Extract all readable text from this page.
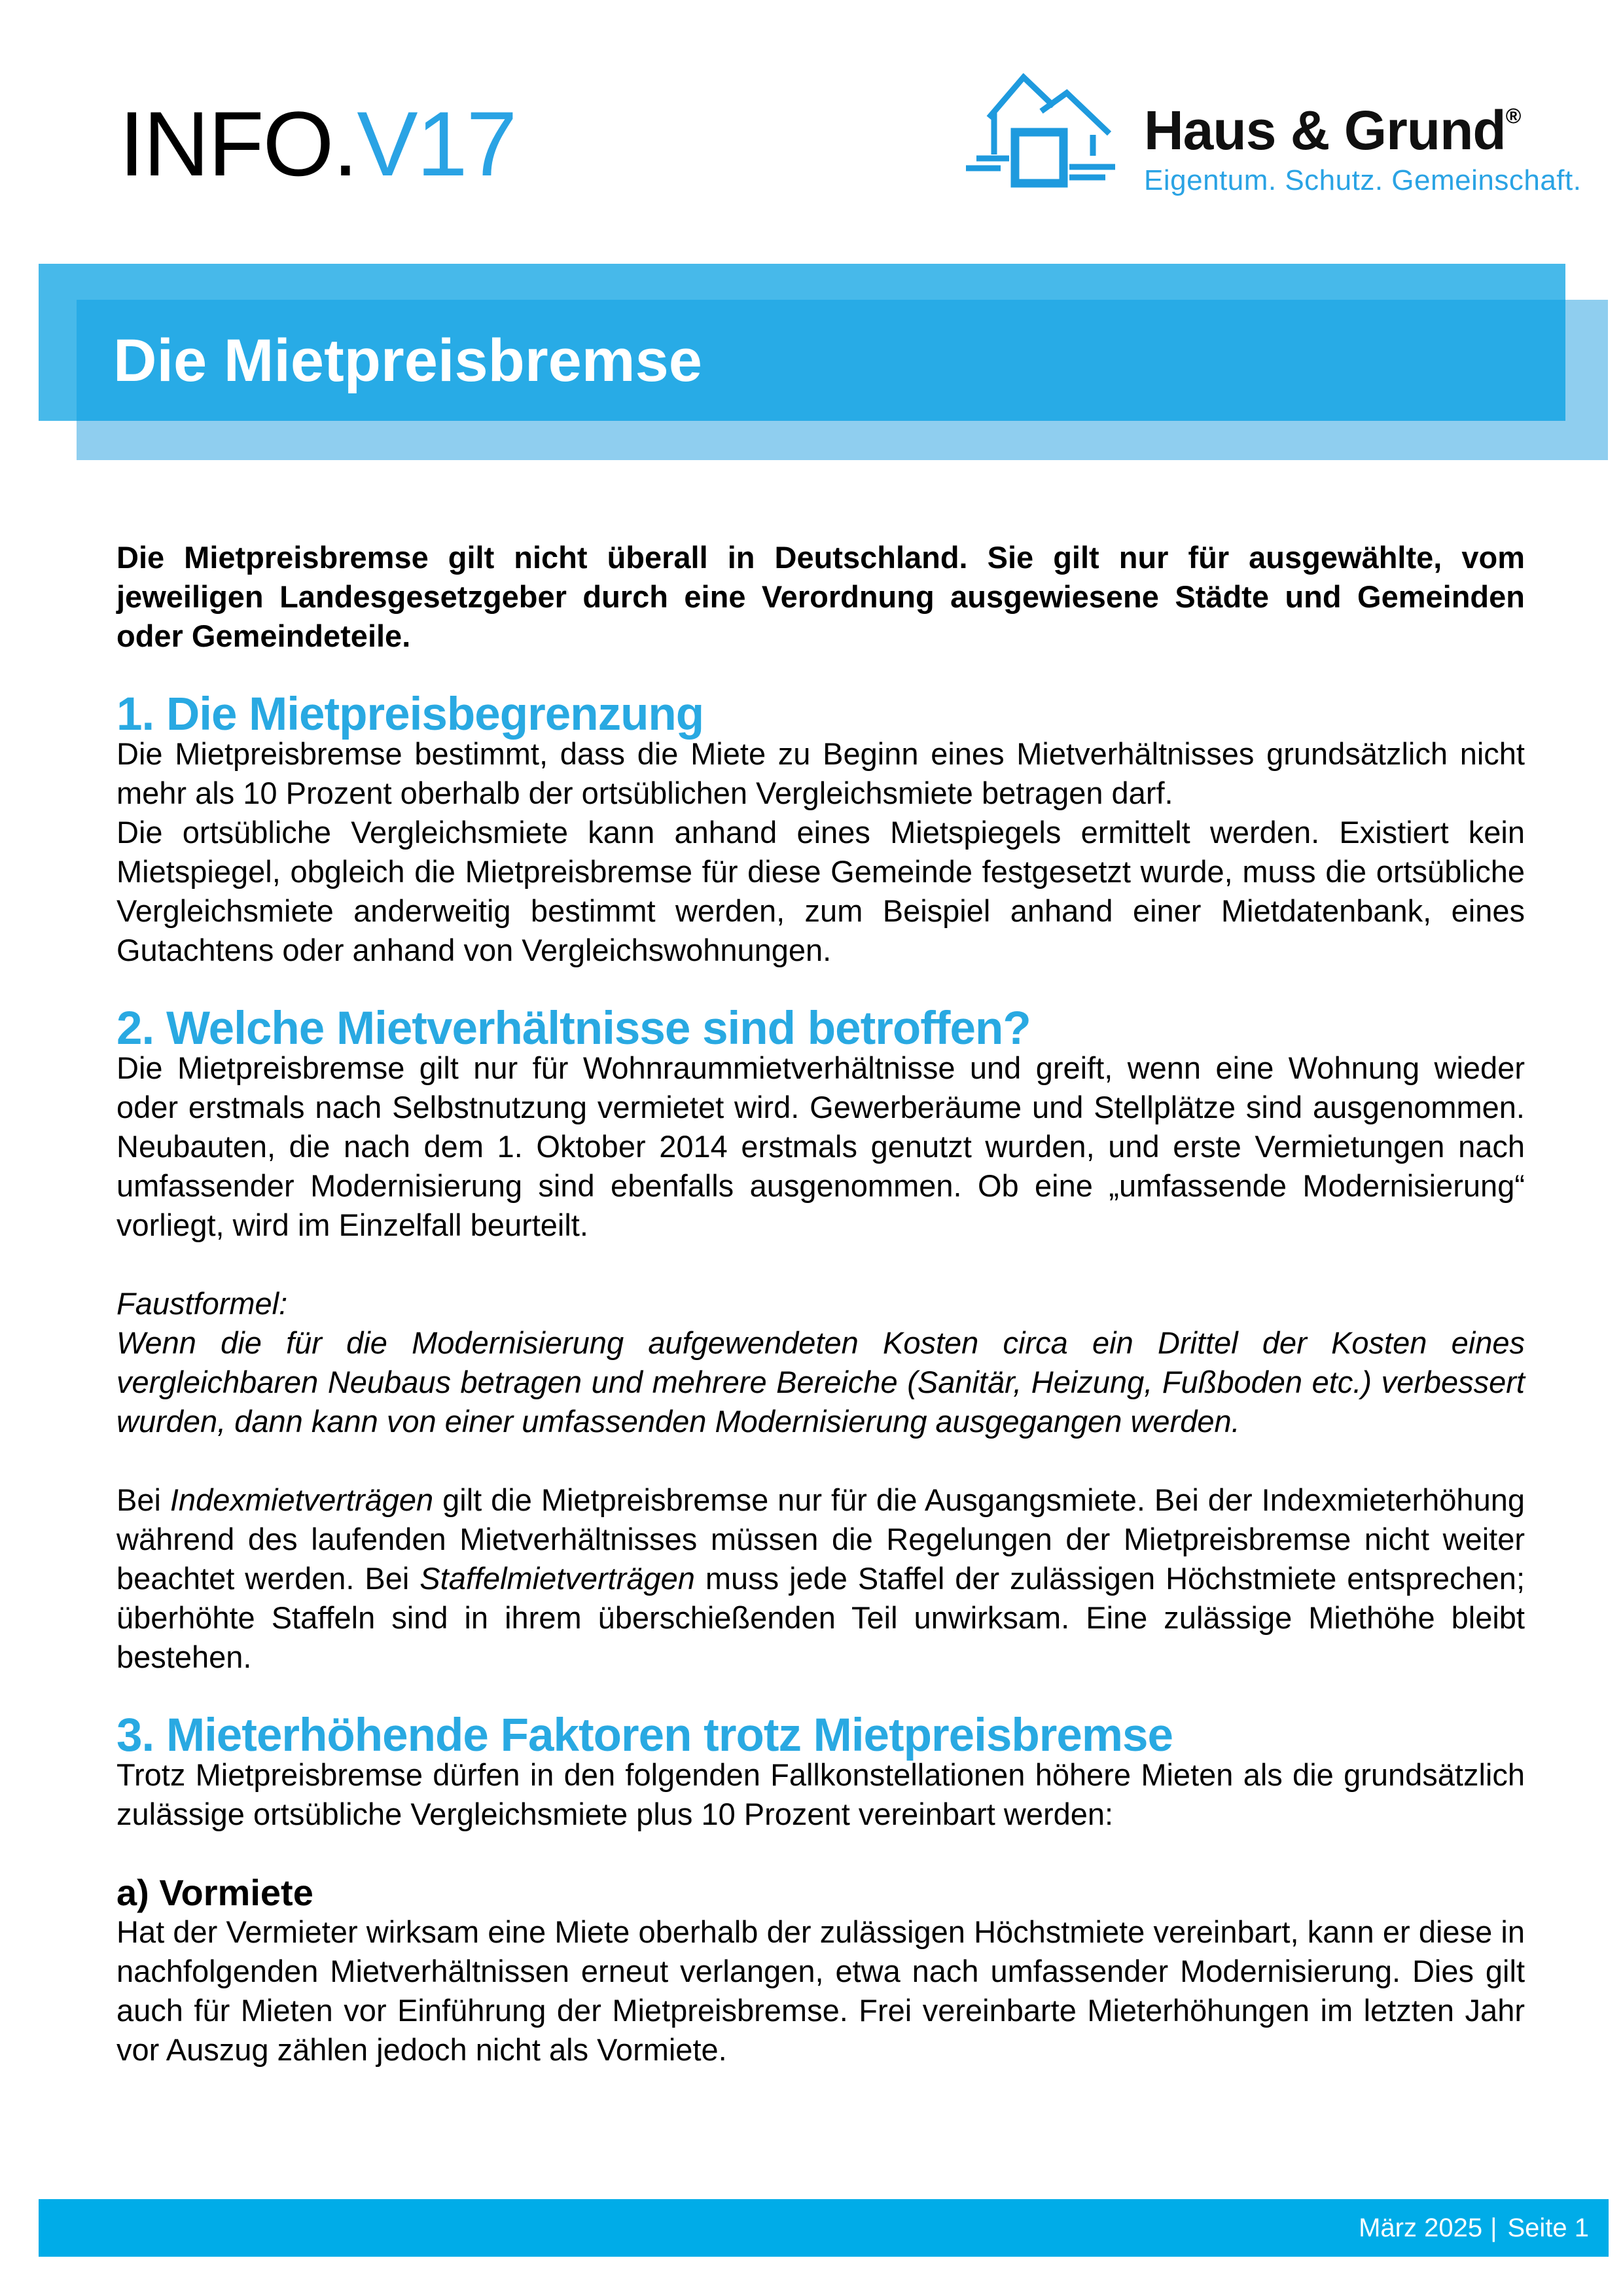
INFO.V17	Haus & Grund®
Eigentum. Schutz. Gemeinschaft.
Die Mietpreisbremse

Die Mietpreisbremse gilt nicht überall in Deutschland. Sie gilt nur für ausgewählte, vom jeweiligen Landesgesetzgeber durch eine Verordnung ausgewiesene Städte und Gemeinden oder Gemeindeteile.

1. Die Mietpreisbegrenzung

Die Mietpreisbremse bestimmt, dass die Miete zu Beginn eines Mietverhältnisses grundsätzlich nicht mehr als 10 Prozent oberhalb der ortsüblichen Vergleichsmiete betragen darf.

Die ortsübliche Vergleichsmiete kann anhand eines Mietspiegels ermittelt werden. Existiert kein Mietspiegel, obgleich die Mietpreisbremse für diese Gemeinde festgesetzt wurde, muss die ortsübliche Vergleichsmiete anderweitig bestimmt werden, zum Beispiel anhand einer Mietdatenbank, eines Gutachtens oder anhand von Vergleichswohnungen.

2. Welche Mietverhältnisse sind betroffen?

Die Mietpreisbremse gilt nur für Wohnraummietverhältnisse und greift, wenn eine Wohnung wieder oder erstmals nach Selbstnutzung vermietet wird. Gewerberäume und Stellplätze sind ausgenommen. Neubauten, die nach dem 1. Oktober 2014 erstmals genutzt wurden, und erste Vermietungen nach umfassender Modernisierung sind ebenfalls ausgenommen. Ob eine „umfassende Modernisierung“ vorliegt, wird im Einzelfall beurteilt.

Faustformel:

Wenn die für die Modernisierung aufgewendeten Kosten circa ein Drittel der Kosten eines vergleichbaren Neubaus betragen und mehrere Bereiche (Sanitär, Heizung, Fußboden etc.) verbessert wurden, dann kann von einer umfassenden Modernisierung ausgegangen werden.

Bei Indexmietverträgen gilt die Mietpreisbremse nur für die Ausgangsmiete. Bei der Indexmieterhöhung während des laufenden Mietverhältnisses müssen die Regelungen der Mietpreisbremse nicht weiter beachtet werden. Bei Staffelmietverträgen muss jede Staffel der zulässigen Höchstmiete entsprechen; überhöhte Staffeln sind in ihrem überschießenden Teil unwirksam. Eine zulässige Miethöhe bleibt bestehen.

3. Mieterhöhende Faktoren trotz Mietpreisbremse

Trotz Mietpreisbremse dürfen in den folgenden Fallkonstellationen höhere Mieten als die grundsätzlich zulässige ortsübliche Vergleichsmiete plus 10 Prozent vereinbart werden:

a) Vormiete

Hat der Vermieter wirksam eine Miete oberhalb der zulässigen Höchstmiete vereinbart, kann er diese in nachfolgenden Mietverhältnissen erneut verlangen, etwa nach umfassender Modernisierung. Dies gilt auch für Mieten vor Einführung der Mietpreisbremse. Frei vereinbarte Mieterhöhungen im letzten Jahr vor Auszug zählen jedoch nicht als Vormiete.

März 2025 | Seite 1
